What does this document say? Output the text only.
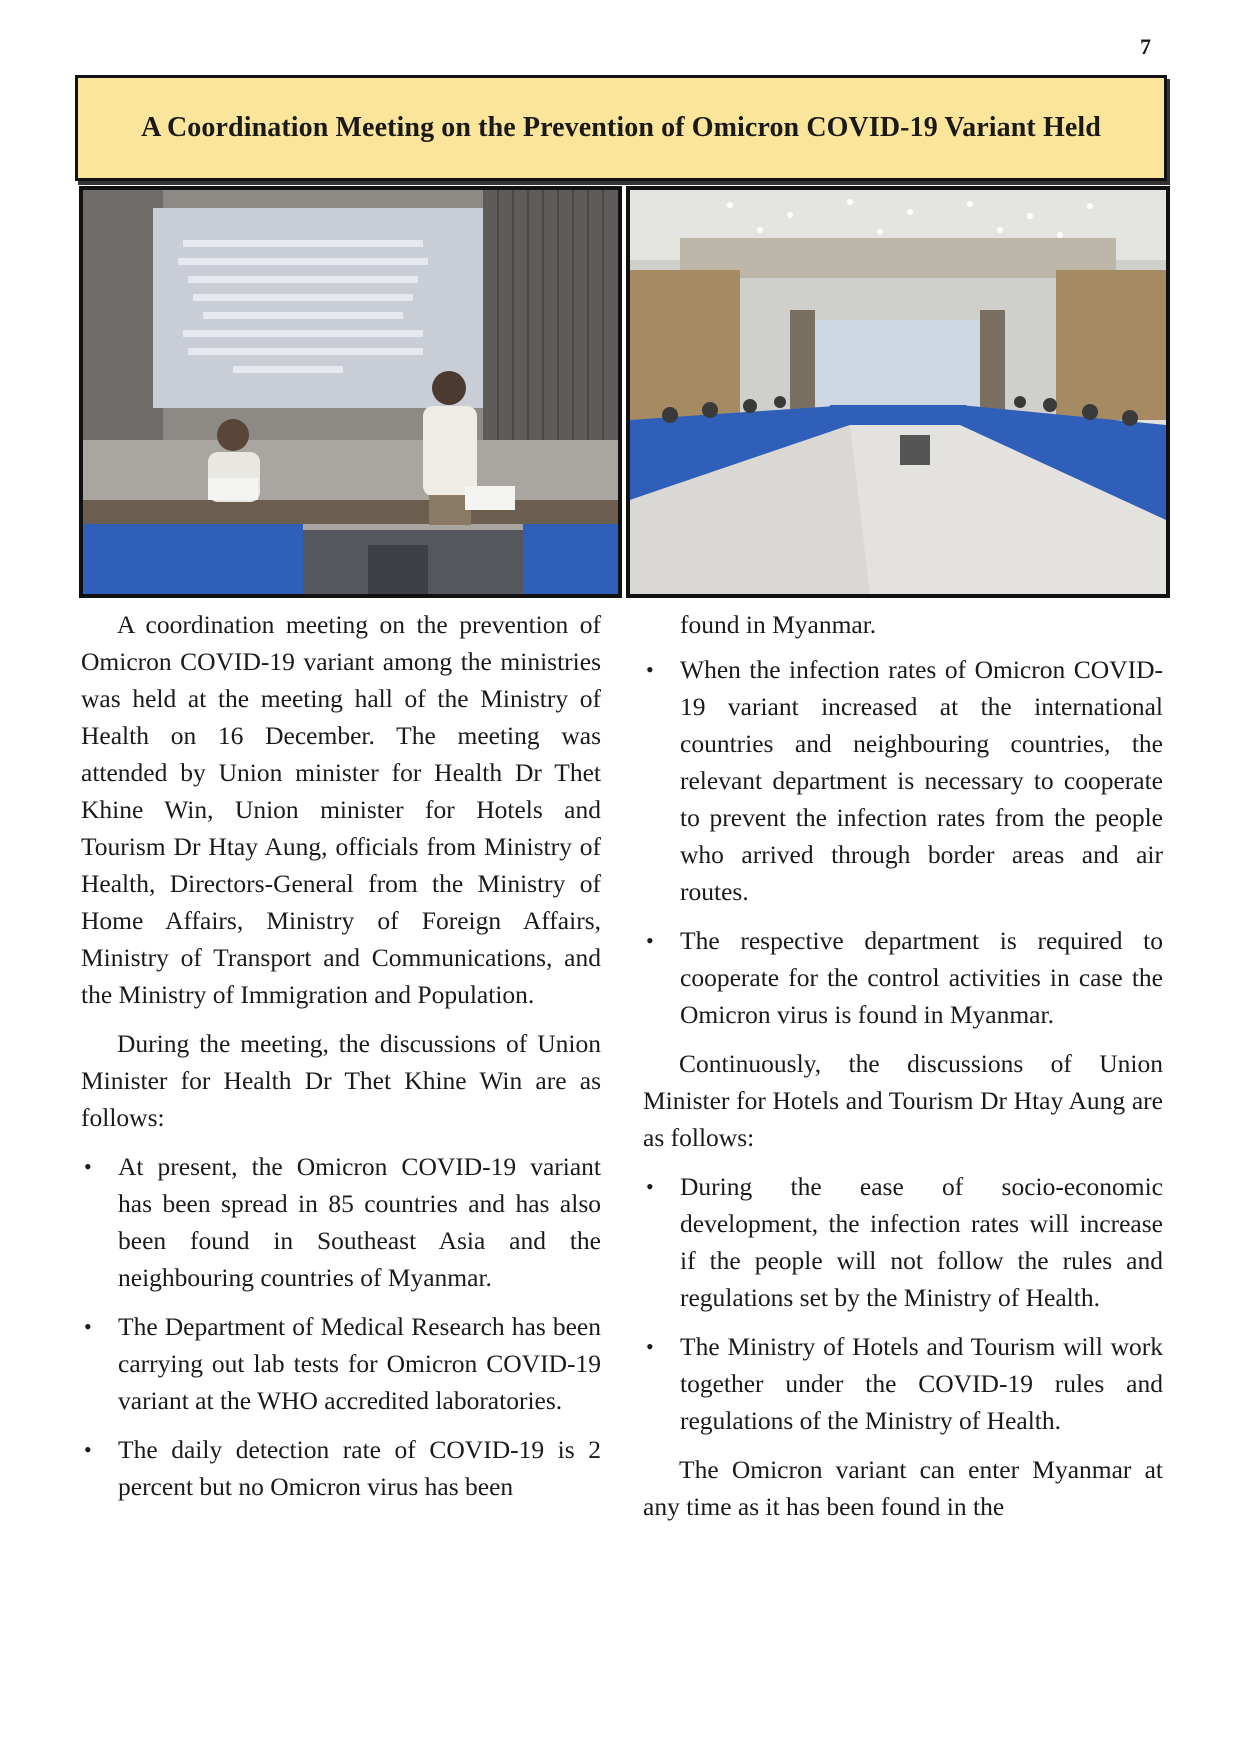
7
A Coordination Meeting on the Prevention of Omicron COVID-19 Variant Held

A coordination meeting on the prevention of Omicron COVID-19 variant among the ministries was held at the meeting hall of the Ministry of Health on 16 December. The meeting was attended by Union minister for Health Dr Thet Khine Win, Union minister for Hotels and Tourism Dr Htay Aung, officials from Ministry of Health, Directors-General from the Ministry of Home Affairs, Ministry of Foreign Affairs, Ministry of Transport and Communications, and the Ministry of Immigration and Population.

During the meeting, the discussions of Union Minister for Health Dr Thet Khine Win are as follows:

• At present, the Omicron COVID-19 variant has been spread in 85 countries and has also been found in Southeast Asia and the neighbouring countries of Myanmar.
• The Department of Medical Research has been carrying out lab tests for Omicron COVID-19 variant at the WHO accredited laboratories.
• The daily detection rate of COVID-19 is 2 percent but no Omicron virus has been

found in Myanmar.

• When the infection rates of Omicron COVID-19 variant increased at the international countries and neighbouring countries, the relevant department is necessary to cooperate to prevent the infection rates from the people who arrived through border areas and air routes.
• The respective department is required to cooperate for the control activities in case the Omicron virus is found in Myanmar.

Continuously, the discussions of Union Minister for Hotels and Tourism Dr Htay Aung are as follows:

• During the ease of socio-economic development, the infection rates will increase if the people will not follow the rules and regulations set by the Ministry of Health.
• The Ministry of Hotels and Tourism will work together under the COVID-19 rules and regulations of the Ministry of Health.

The Omicron variant can enter Myanmar at any time as it has been found in the
